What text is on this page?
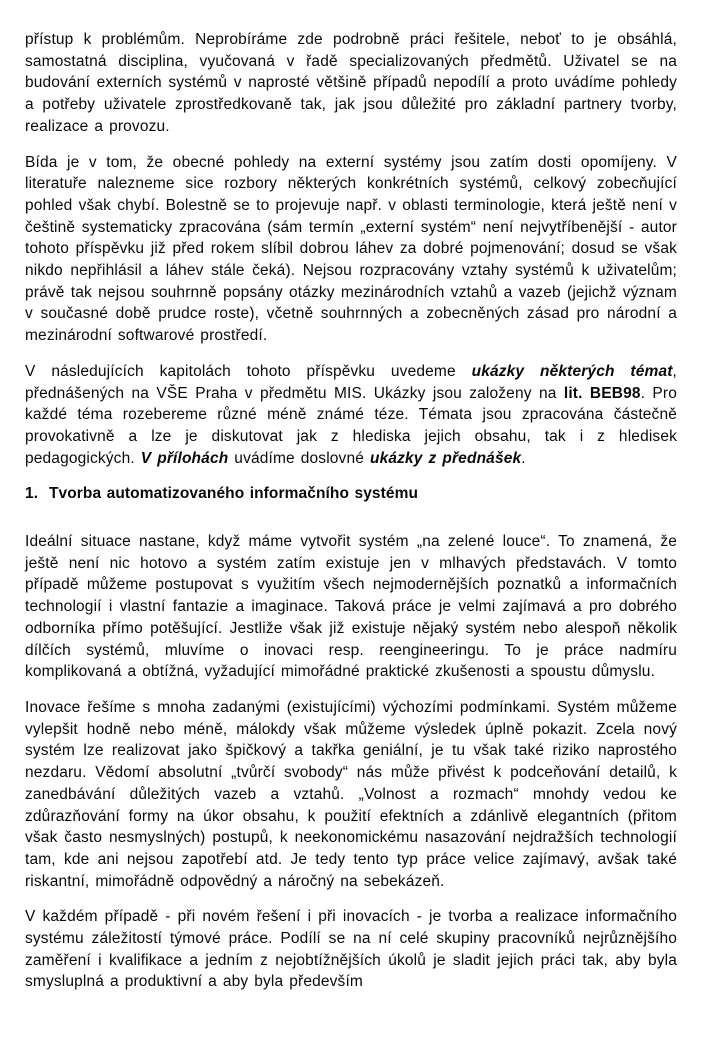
přístup k problémům. Neprobíráme zde podrobně práci řešitele, neboť to je obsáhlá, samostatná disciplina, vyučovaná v řadě specializovaných předmětů. Uživatel se na budování externích systémů v naprosté většině případů nepodílí a proto uvádíme pohledy a potřeby uživatele zprostředkovaně tak, jak jsou důležité pro základní partnery tvorby, realizace a provozu.

Bída je v tom, že obecné pohledy na externí systémy jsou zatím dosti opomíjeny. V literatuře nalezneme sice rozbory některých konkrétních systémů, celkový zobecňující pohled však chybí. Bolestně se to projevuje např. v oblasti terminologie, která ještě není v češtině systematicky zpracována (sám termín „externí systém“ není nejvytříbenější - autor tohoto příspěvku již před rokem slíbil dobrou láhev za dobré pojmenování; dosud se však nikdo nepřihlásil a láhev stále čeká). Nejsou rozpracovány vztahy systémů k uživatelům; právě tak nejsou souhrnně popsány otázky mezinárodních vztahů a vazeb (jejichž význam v současné době prudce roste), včetně souhrnných a zobecněných zásad pro národní a mezinárodní softwarové prostředí.

V následujících kapitolách tohoto příspěvku uvedeme ukázky některých témat, přednášených na VŠE Praha v předmětu MIS. Ukázky jsou založeny na lit. BEB98. Pro každé téma rozebereme různé méně známé téze. Témata jsou zpracována částečně provokativně a lze je diskutovat jak z hlediska jejich obsahu, tak i z hledisek pedagogických. V přílohách uvádíme doslovné ukázky z přednášek.

1.  Tvorba automatizovaného informačního systému

Ideální situace nastane, když máme vytvořit systém „na zelené louce“. To znamená, že ještě není nic hotovo a systém zatím existuje jen v mlhavých představách. V tomto případě můžeme postupovat s využitím všech nejmodernějších poznatků a informačních technologií i vlastní fantazie a imaginace. Taková práce je velmi zajímavá a pro dobrého odborníka přímo potěšující. Jestliže však již existuje nějaký systém nebo alespoň několik dílčích systémů, mluvíme o inovaci resp. reengineeringu. To je práce nadmíru komplikovaná a obtížná, vyžadující mimořádné praktické zkušenosti a spoustu důmyslu.

Inovace řešíme s mnoha zadanými (existujícími) výchozími podmínkami. Systém můžeme vylepšit hodně nebo méně, málokdy však můžeme výsledek úplně pokazit. Zcela nový systém lze realizovat jako špičkový a takřka geniální, je tu však také riziko naprostého nezdaru. Vědomí absolutní „tvůrčí svobody“ nás může přivést k podceňování detailů, k zanedbávání důležitých vazeb a vztahů. „Volnost a rozmach“ mnohdy vedou ke zdůrazňování formy na úkor obsahu, k použití efektních a zdánlivě elegantních (přitom však často nesmyslných) postupů, k neekonomickému nasazování nejdražších technologií tam, kde ani nejsou zapotřebí atd. Je tedy tento typ práce velice zajímavý, avšak také riskantní, mimořádně odpovědný a náročný na sebekázeň.

V každém případě - při novém řešení i při inovacích - je tvorba a realizace informačního systému záležitostí týmové práce. Podílí se na ní celé skupiny pracovníků nejrůznějšího zaměření i kvalifikace a jedním z nejobtížnějších úkolů je sladit jejich práci tak, aby byla smysluplná a produktivní a aby byla především
